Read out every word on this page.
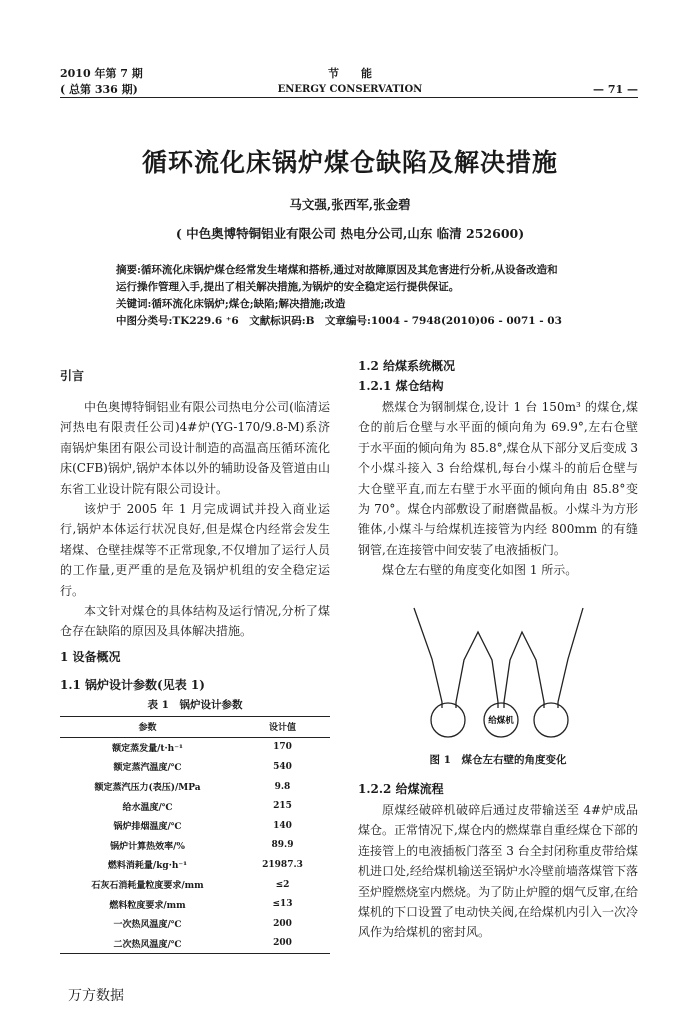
2010 年第 7 期
( 总第 336 期)
节　　能
ENERGY CONSERVATION	— 71 —
循环流化床锅炉煤仓缺陷及解决措施
马文强,张西军,张金碧
( 中色奥博特铜铝业有限公司 热电分公司,山东 临清 252600)
摘要:循环流化床锅炉煤仓经常发生堵煤和搭桥,通过对故障原因及其危害进行分析,从设备改造和
运行操作管理入手,提出了相关解决措施,为锅炉的安全稳定运行提供保证。
关键词:循环流化床锅炉;煤仓;缺陷;解决措施;改造
中图分类号:TK229.6 ⁺6　文献标识码:B　文章编号:1004 - 7948(2010)06 - 0071 - 03
引言

中色奥博特铜铝业有限公司热电分公司(临清运河热电有限责任公司)4#炉(YG-170/9.8-M)系济南锅炉集团有限公司设计制造的高温高压循环流化床(CFB)锅炉,锅炉本体以外的辅助设备及管道由山东省工业设计院有限公司设计。

该炉于 2005 年 1 月完成调试并投入商业运行,锅炉本体运行状况良好,但是煤仓内经常会发生堵煤、仓壁挂煤等不正常现象,不仅增加了运行人员的工作量,更严重的是危及锅炉机组的安全稳定运行。

本文针对煤仓的具体结构及运行情况,分析了煤仓存在缺陷的原因及具体解决措施。

1 设备概况
1.1 锅炉设计参数(见表 1)
表 1　锅炉设计参数
参数	设计值
额定蒸发量/t·h⁻¹	170
额定蒸汽温度/℃	540
额定蒸汽压力(表压)/MPa	9.8
给水温度/℃	215
锅炉排烟温度/℃	140
锅炉计算热效率/%	89.9
燃料消耗量/kg·h⁻¹	21987.3
石灰石消耗量粒度要求/mm	≤2
燃料粒度要求/mm	≤13
一次热风温度/℃	200
二次热风温度/℃	200
1.2 给煤系统概况
1.2.1 煤仓结构

燃煤仓为钢制煤仓,设计 1 台 150m³ 的煤仓,煤仓的前后仓壁与水平面的倾向角为 69.9°,左右仓壁于水平面的倾向角为 85.8°,煤仓从下部分叉后变成 3 个小煤斗接入 3 台给煤机,每台小煤斗的前后仓壁与大仓壁平直,而左右壁于水平面的倾向角由 85.8°变为 70°。煤仓内部敷设了耐磨微晶板。小煤斗为方形锥体,小煤斗与给煤机连接管为内经 800mm 的有缝钢管,在连接管中间安装了电液插板门。

煤仓左右壁的角度变化如图 1 所示。

给煤机
图 1　煤仓左右壁的角度变化
1.2.2 给煤流程

原煤经破碎机破碎后通过皮带输送至 4#炉成品煤仓。正常情况下,煤仓内的燃煤靠自重经煤仓下部的连接管上的电液插板门落至 3 台全封闭称重皮带给煤机进口处,经给煤机输送至锅炉水冷壁前墙落煤管下落至炉膛燃烧室内燃烧。为了防止炉膛的烟气反窜,在给煤机的下口设置了电动快关阀,在给煤机内引入一次冷风作为给煤机的密封风。

万方数据
